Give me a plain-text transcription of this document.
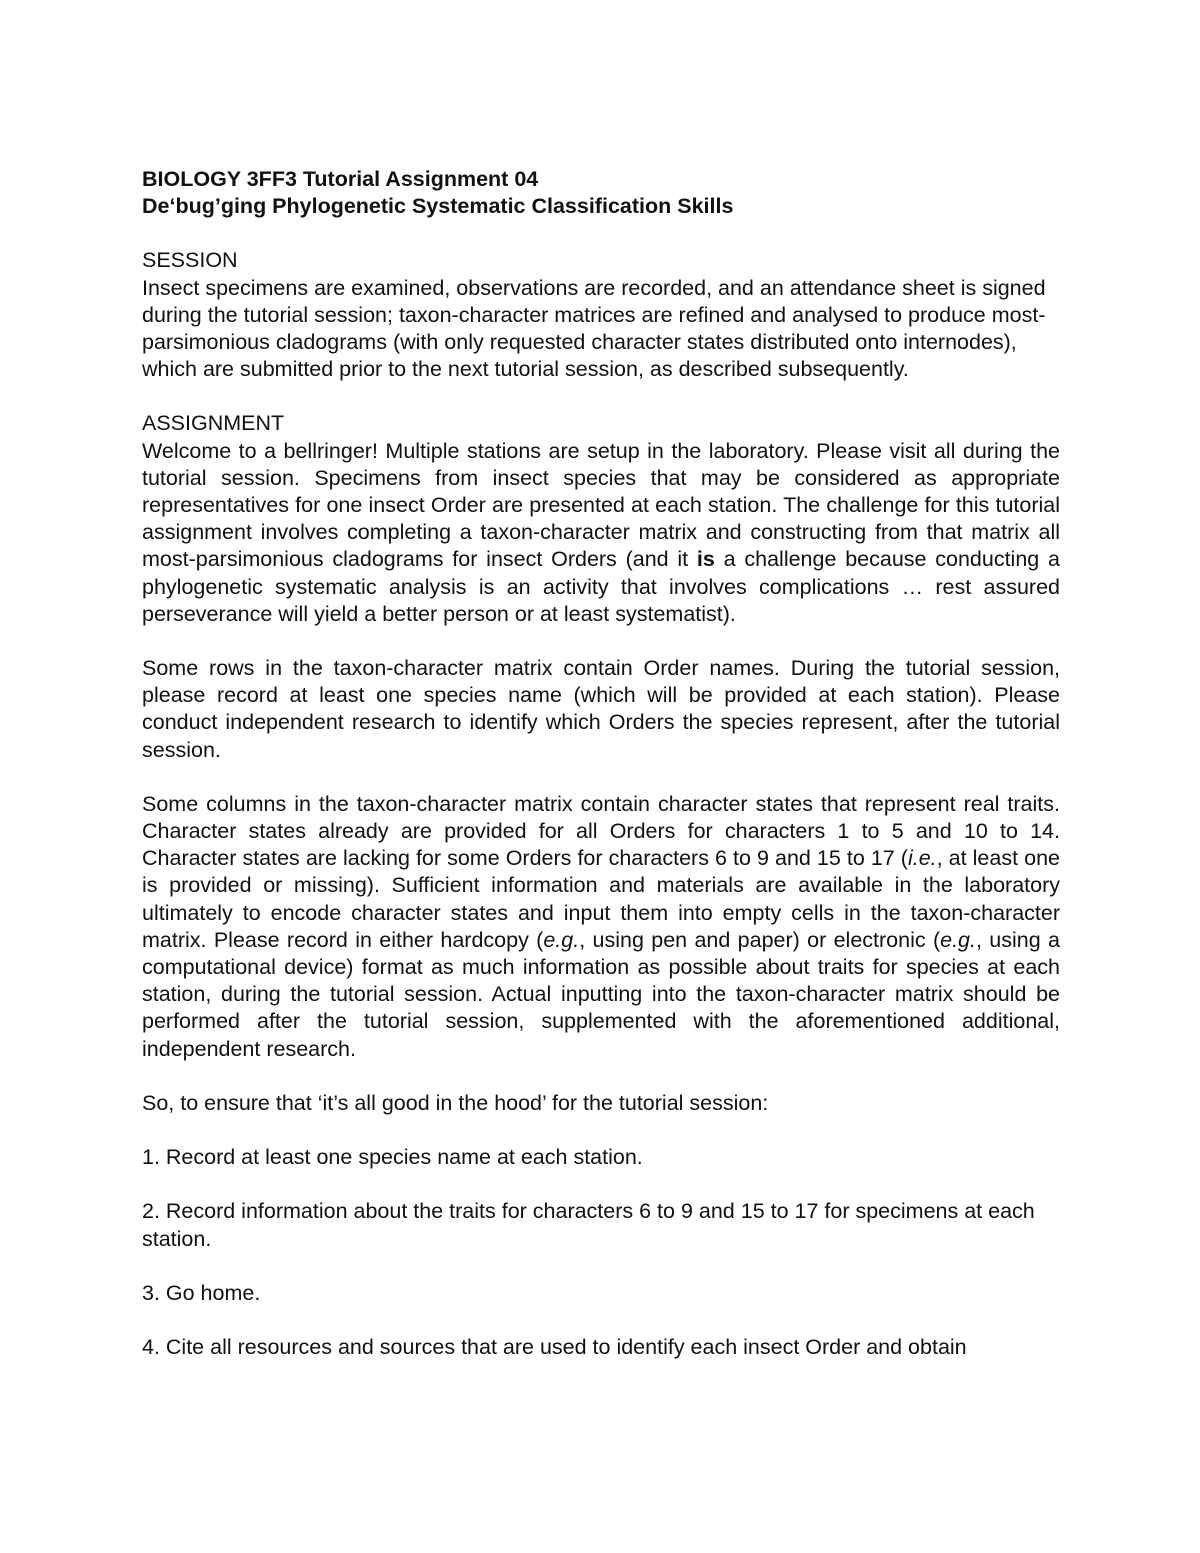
BIOLOGY 3FF3 Tutorial Assignment 04

De‘bug’ging Phylogenetic Systematic Classification Skills

SESSION

Insect specimens are examined, observations are recorded, and an attendance sheet is signed during the tutorial session; taxon-character matrices are refined and analysed to produce most-parsimonious cladograms (with only requested character states distributed onto internodes), which are submitted prior to the next tutorial session, as described subsequently.

ASSIGNMENT

Welcome to a bellringer! Multiple stations are setup in the laboratory. Please visit all during the tutorial session. Specimens from insect species that may be considered as appropriate representatives for one insect Order are presented at each station. The challenge for this tutorial assignment involves completing a taxon-character matrix and constructing from that matrix all most-parsimonious cladograms for insect Orders (and it is a challenge because conducting a phylogenetic systematic analysis is an activity that involves complications … rest assured perseverance will yield a better person or at least systematist).

Some rows in the taxon-character matrix contain Order names. During the tutorial session, please record at least one species name (which will be provided at each station). Please conduct independent research to identify which Orders the species represent, after the tutorial session.

Some columns in the taxon-character matrix contain character states that represent real traits. Character states already are provided for all Orders for characters 1 to 5 and 10 to 14. Character states are lacking for some Orders for characters 6 to 9 and 15 to 17 (i.e., at least one is provided or missing). Sufficient information and materials are available in the laboratory ultimately to encode character states and input them into empty cells in the taxon-character matrix. Please record in either hardcopy (e.g., using pen and paper) or electronic (e.g., using a computational device) format as much information as possible about traits for species at each station, during the tutorial session. Actual inputting into the taxon-character matrix should be performed after the tutorial session, supplemented with the aforementioned additional, independent research.

So, to ensure that ‘it’s all good in the hood’ for the tutorial session:

1. Record at least one species name at each station.

2. Record information about the traits for characters 6 to 9 and 15 to 17 for specimens at each station.

3. Go home.

4. Cite all resources and sources that are used to identify each insect Order and obtain
